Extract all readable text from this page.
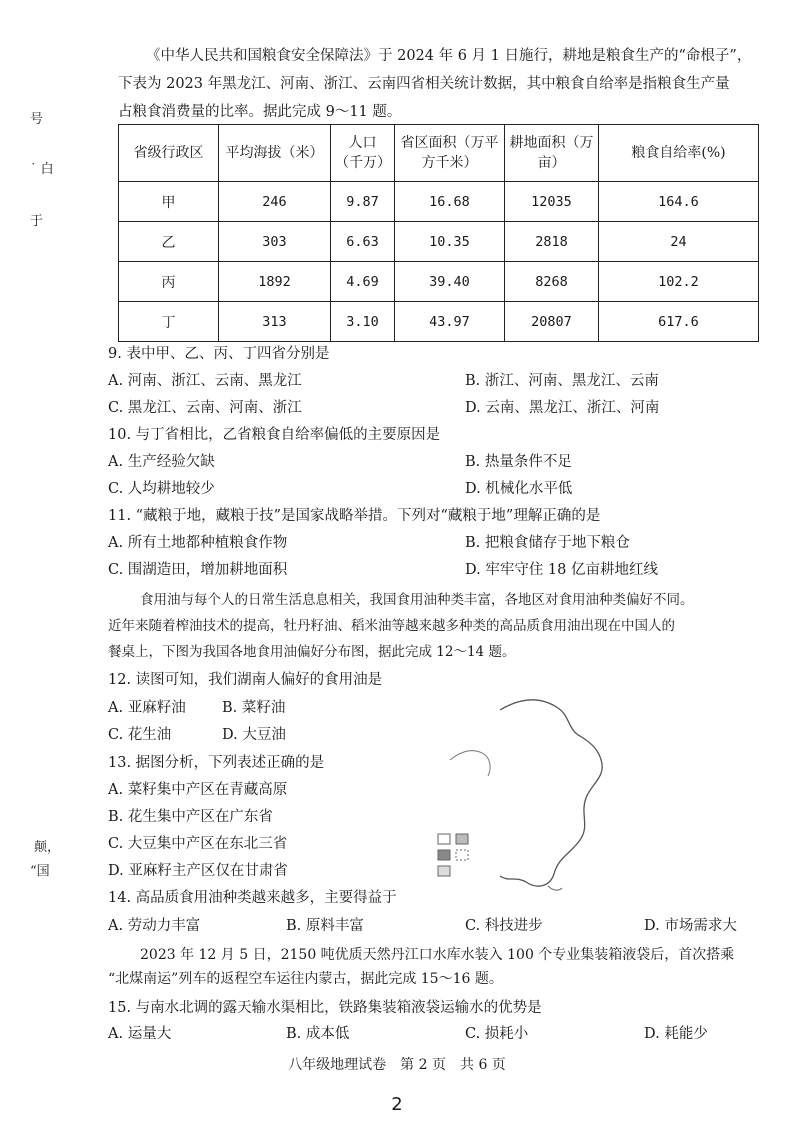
号
˙ 白
于
颠，
“国
《中华人民共和国粮食安全保障法》于 2024 年 6 月 1 日施行，耕地是粮食生产的“命根子”，
下表为 2023 年黑龙江、河南、浙江、云南四省相关统计数据，其中粮食自给率是指粮食生产量
占粮食消费量的比率。据此完成 9～11 题。
省级行政区	平均海拔（米）	人口（千万）	省区面积（万平方千米）	耕地面积（万亩）	粮食自给率(%)
甲	246	9.87	16.68	12035	164.6
乙	303	6.63	10.35	2818	24
丙	1892	4.69	39.40	8268	102.2
丁	313	3.10	43.97	20807	617.6
9. 表中甲、乙、丙、丁四省分别是
A. 河南、浙江、云南、黑龙江	B. 浙江、河南、黑龙江、云南
C. 黑龙江、云南、河南、浙江	D. 云南、黑龙江、浙江、河南
10. 与丁省相比，乙省粮食自给率偏低的主要原因是
A. 生产经验欠缺	B. 热量条件不足
C. 人均耕地较少	D. 机械化水平低
11. “藏粮于地，藏粮于技”是国家战略举措。下列对“藏粮于地”理解正确的是
A. 所有土地都种植粮食作物	B. 把粮食储存于地下粮仓
C. 围湖造田，增加耕地面积	D. 牢牢守住 18 亿亩耕地红线
食用油与每个人的日常生活息息相关，我国食用油种类丰富，各地区对食用油种类偏好不同。
近年来随着榨油技术的提高，牡丹籽油、稻米油等越来越多种类的高品质食用油出现在中国人的
餐桌上，下图为我国各地食用油偏好分布图，据此完成 12～14 题。
12. 读图可知，我们湖南人偏好的食用油是
A. 亚麻籽油	B. 菜籽油
C. 花生油	D. 大豆油
13. 据图分析，下列表述正确的是
A. 菜籽集中产区在青藏高原
B. 花生集中产区在广东省
C. 大豆集中产区在东北三省
D. 亚麻籽主产区仅在甘肃省
14. 高品质食用油种类越来越多，主要得益于
A. 劳动力丰富	B. 原料丰富	C. 科技进步	D. 市场需求大
2023 年 12 月 5 日，2150 吨优质天然丹江口水库水装入 100 个专业集装箱液袋后，首次搭乘
“北煤南运”列车的返程空车运往内蒙古，据此完成 15～16 题。
15. 与南水北调的露天输水渠相比，铁路集装箱液袋运输水的优势是
A. 运量大	B. 成本低	C. 损耗小	D. 耗能少
八年级地理试卷　第 2 页　共 6 页
2
